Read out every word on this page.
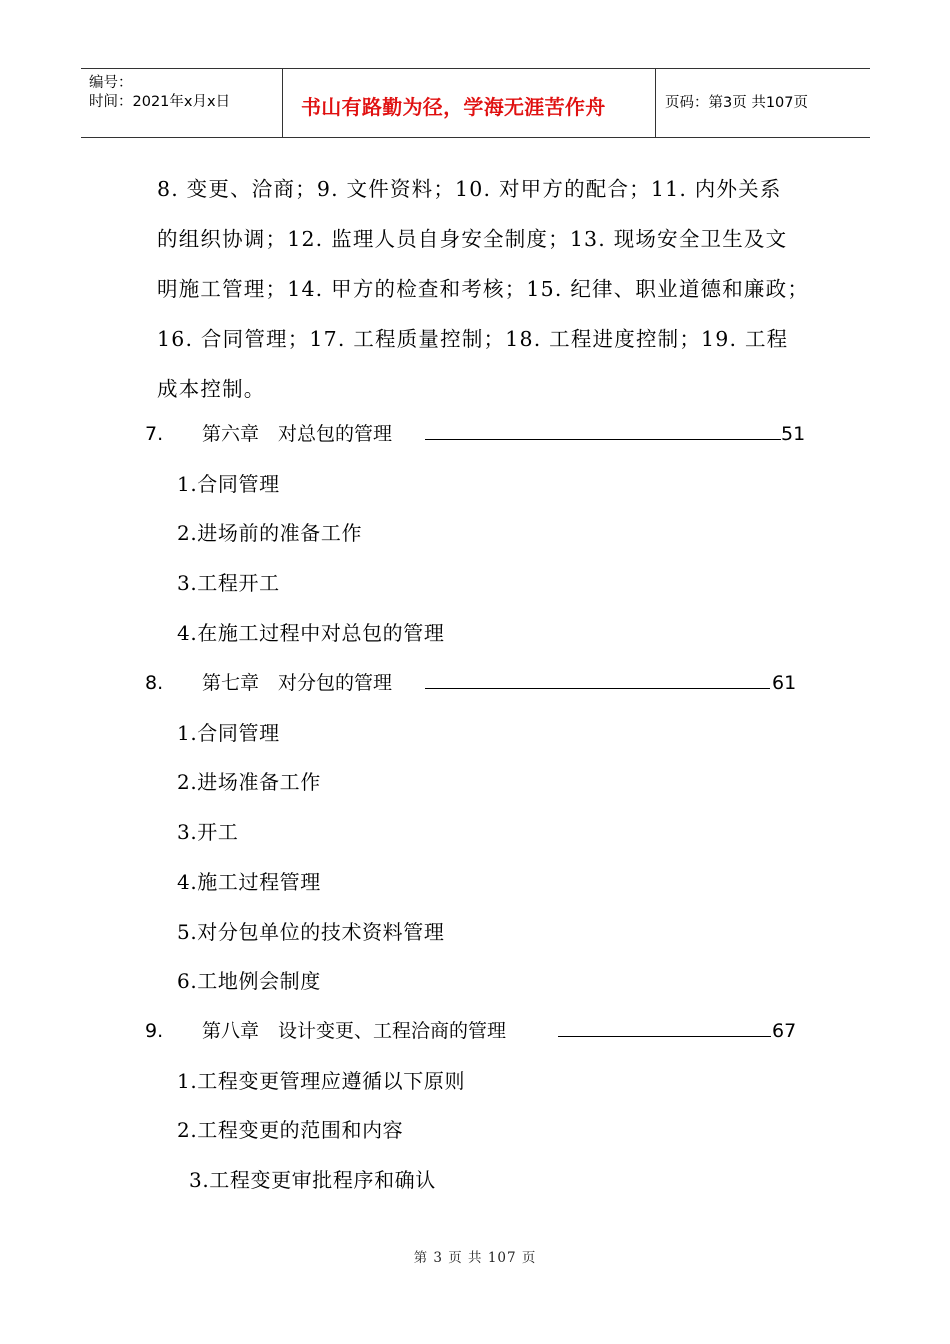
编号：
时间：2021年x月x日	书山有路勤为径，学海无涯苦作舟	页码：第3页 共107页
8. 变更、洽商；9. 文件资料；10. 对甲方的配合；11. 内外关系
的组织协调；12. 监理人员自身安全制度；13. 现场安全卫生及文
明施工管理；14. 甲方的检查和考核；15. 纪律、职业道德和廉政；
16. 合同管理；17. 工程质量控制；18. 工程进度控制；19. 工程
成本控制。
7. 第六章　对总包的管理	51
1.合同管理
2.进场前的准备工作
3.工程开工
4.在施工过程中对总包的管理
8. 第七章　对分包的管理	61
1.合同管理
2.进场准备工作
3.开工
4.施工过程管理
5.对分包单位的技术资料管理
6.工地例会制度
9. 第八章　设计变更、工程洽商的管理	67
1.工程变更管理应遵循以下原则
2.工程变更的范围和内容
3.工程变更审批程序和确认
第 3 页 共 107 页
